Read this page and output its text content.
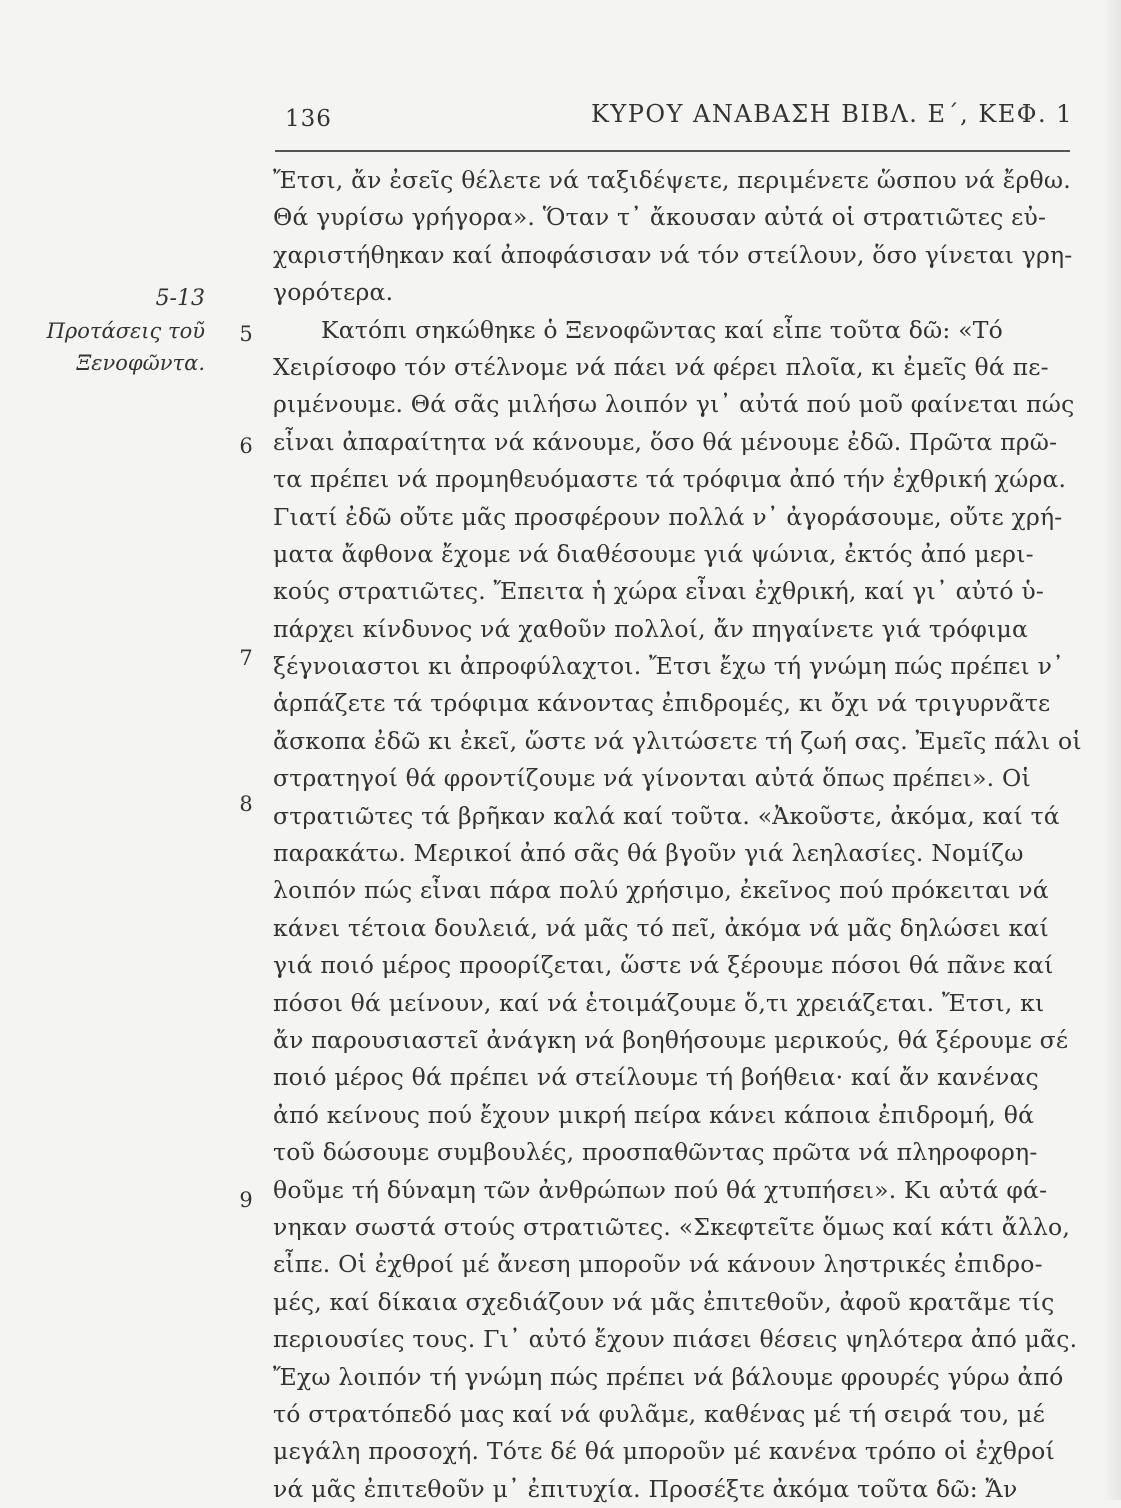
136	ΚΥΡΟΥ ΑΝΑΒΑΣΗ ΒΙΒΛ. Ε΄, ΚΕΦ. 1
5-13
Προτάσεις τοῦ
Ξενοφῶντα.
5
6
7
8
9
Ἔτσι, ἄν ἐσεῖς θέλετε νά ταξιδέψετε, περιμένετε ὥσπου νά ἔρθω.
Θά γυρίσω γρήγορα». Ὅταν τ᾿ ἄκουσαν αὐτά οἱ στρατιῶτες εὐ-
χαριστήθηκαν καί ἀποφάσισαν νά τόν στείλουν, ὅσο γίνεται γρη-
γορότερα.
Κατόπι σηκώθηκε ὁ Ξενοφῶντας καί εἶπε τοῦτα δῶ: «Τό
Χειρίσοφο τόν στέλνομε νά πάει νά φέρει πλοῖα, κι ἐμεῖς θά πε-
ριμένουμε. Θά σᾶς μιλήσω λοιπόν γι᾿ αὐτά πού μοῦ φαίνεται πώς
εἶναι ἀπαραίτητα νά κάνουμε, ὅσο θά μένουμε ἐδῶ. Πρῶτα πρῶ-
τα πρέπει νά προμηθευόμαστε τά τρόφιμα ἀπό τήν ἐχθρική χώρα.
Γιατί ἐδῶ οὔτε μᾶς προσφέρουν πολλά ν᾿ ἀγοράσουμε, οὔτε χρή-
ματα ἄφθονα ἔχομε νά διαθέσουμε γιά ψώνια, ἐκτός ἀπό μερι-
κούς στρατιῶτες. Ἔπειτα ἡ χώρα εἶναι ἐχθρική, καί γι᾿ αὐτό ὑ-
πάρχει κίνδυνος νά χαθοῦν πολλοί, ἄν πηγαίνετε γιά τρόφιμα
ξέγνοιαστοι κι ἀπροφύλαχτοι. Ἔτσι ἔχω τή γνώμη πώς πρέπει ν᾿
ἁρπάζετε τά τρόφιμα κάνοντας ἐπιδρομές, κι ὄχι νά τριγυρνᾶτε
ἄσκοπα ἐδῶ κι ἐκεῖ, ὥστε νά γλιτώσετε τή ζωή σας. Ἐμεῖς πάλι οἱ
στρατηγοί θά φροντίζουμε νά γίνονται αὐτά ὅπως πρέπει». Οἱ
στρατιῶτες τά βρῆκαν καλά καί τοῦτα. «Ἀκοῦστε, ἀκόμα, καί τά
παρακάτω. Μερικοί ἀπό σᾶς θά βγοῦν γιά λεηλασίες. Νομίζω
λοιπόν πώς εἶναι πάρα πολύ χρήσιμο, ἐκεῖνος πού πρόκειται νά
κάνει τέτοια δουλειά, νά μᾶς τό πεῖ, ἀκόμα νά μᾶς δηλώσει καί
γιά ποιό μέρος προορίζεται, ὥστε νά ξέρουμε πόσοι θά πᾶνε καί
πόσοι θά μείνουν, καί νά ἑτοιμάζουμε ὅ,τι χρειάζεται. Ἔτσι, κι
ἄν παρουσιαστεῖ ἀνάγκη νά βοηθήσουμε μερικούς, θά ξέρουμε σέ
ποιό μέρος θά πρέπει νά στείλουμε τή βοήθεια· καί ἄν κανένας
ἀπό κείνους πού ἔχουν μικρή πείρα κάνει κάποια ἐπιδρομή, θά
τοῦ δώσουμε συμβουλές, προσπαθῶντας πρῶτα νά πληροφορη-
θοῦμε τή δύναμη τῶν ἀνθρώπων πού θά χτυπήσει». Κι αὐτά φά-
νηκαν σωστά στούς στρατιῶτες. «Σκεφτεῖτε ὅμως καί κάτι ἄλλο,
εἶπε. Οἱ ἐχθροί μέ ἄνεση μποροῦν νά κάνουν ληστρικές ἐπιδρο-
μές, καί δίκαια σχεδιάζουν νά μᾶς ἐπιτεθοῦν, ἀφοῦ κρατᾶμε τίς
περιουσίες τους. Γι᾿ αὐτό ἔχουν πιάσει θέσεις ψηλότερα ἀπό μᾶς.
Ἔχω λοιπόν τή γνώμη πώς πρέπει νά βάλουμε φρουρές γύρω ἀπό
τό στρατόπεδό μας καί νά φυλᾶμε, καθένας μέ τή σειρά του, μέ
μεγάλη προσοχή. Τότε δέ θά μποροῦν μέ κανένα τρόπο οἱ ἐχθροί
νά μᾶς ἐπιτεθοῦν μ᾿ ἐπιτυχία. Προσέξτε ἀκόμα τοῦτα δῶ: Ἄν
